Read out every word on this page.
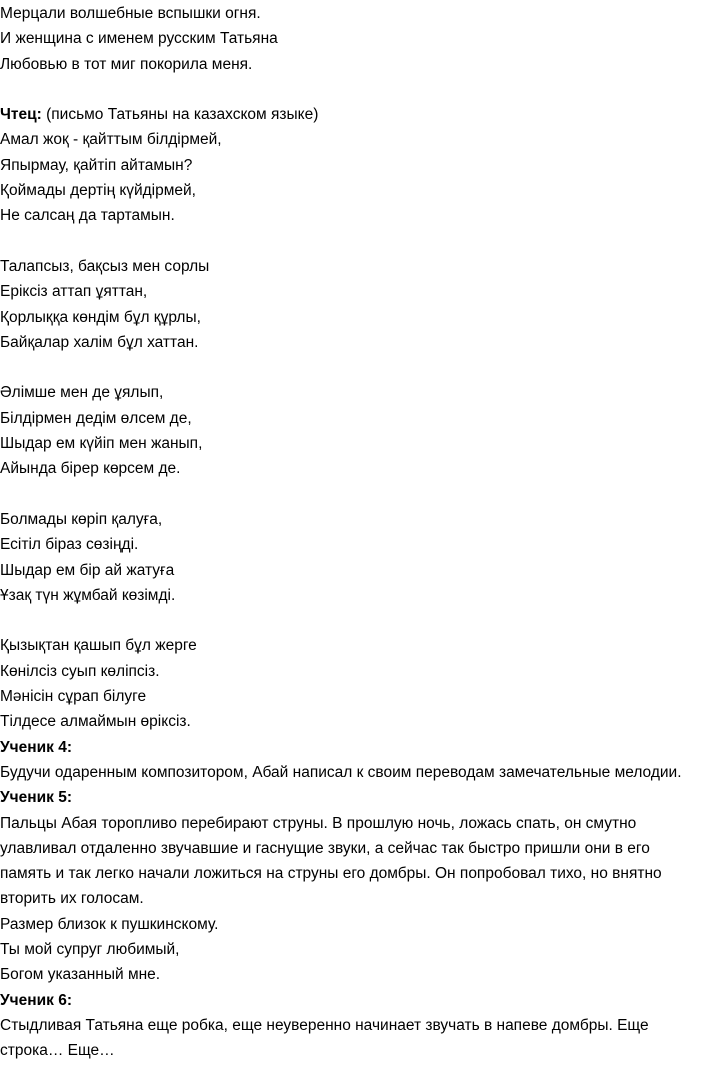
Мерцали волшебные вспышки огня.
И женщина с именем русским Татьяна
Любовью в тот миг покорила меня.
Чтец: (письмо Татьяны на казахском языке)
Амал жоқ - қайттым білдірмей,
Япырмау, қайтіп айтамын?
Қоймады дертің күйдірмей,
Не салсаң да тартамын.
Талапсыз, бақсыз мен сорлы
Еріксіз аттап ұяттан,
Қорлыққа көндім бұл құрлы,
Байқалар халім бұл хаттан.
Әлімше мен де ұялып,
Білдірмен дедім өлсем де,
Шыдар ем күйіп мен жанып,
Айында бірер көрсем де.
Болмады көріп қалуға,
Есітіл біраз сөзіңді.
Шыдар ем бір ай жатуға
Ұзақ түн жұмбай көзімді.
Қызықтан қашып бұл жерге
Көнілсіз суып көліпсіз.
Мәнісін сұрап білуге
Тілдесе алмаймын өріксіз.
Ученик 4:
Будучи одаренным композитором, Абай написал к своим переводам замечательные мелодии.
Ученик 5:
Пальцы Абая торопливо перебирают струны. В прошлую ночь, ложась спать, он смутно улавливал отдаленно звучавшие и гаснущие звуки, а сейчас так быстро пришли они в его память и так легко начали ложиться на струны его домбры. Он попробовал тихо, но внятно вторить их голосам.
Размер близок к пушкинскому.
Ты мой супруг любимый,
Богом указанный мне.
Ученик 6:
Стыдливая Татьяна еще робка, еще неуверенно начинает звучать в напеве домбры. Еще строка… Еще…
